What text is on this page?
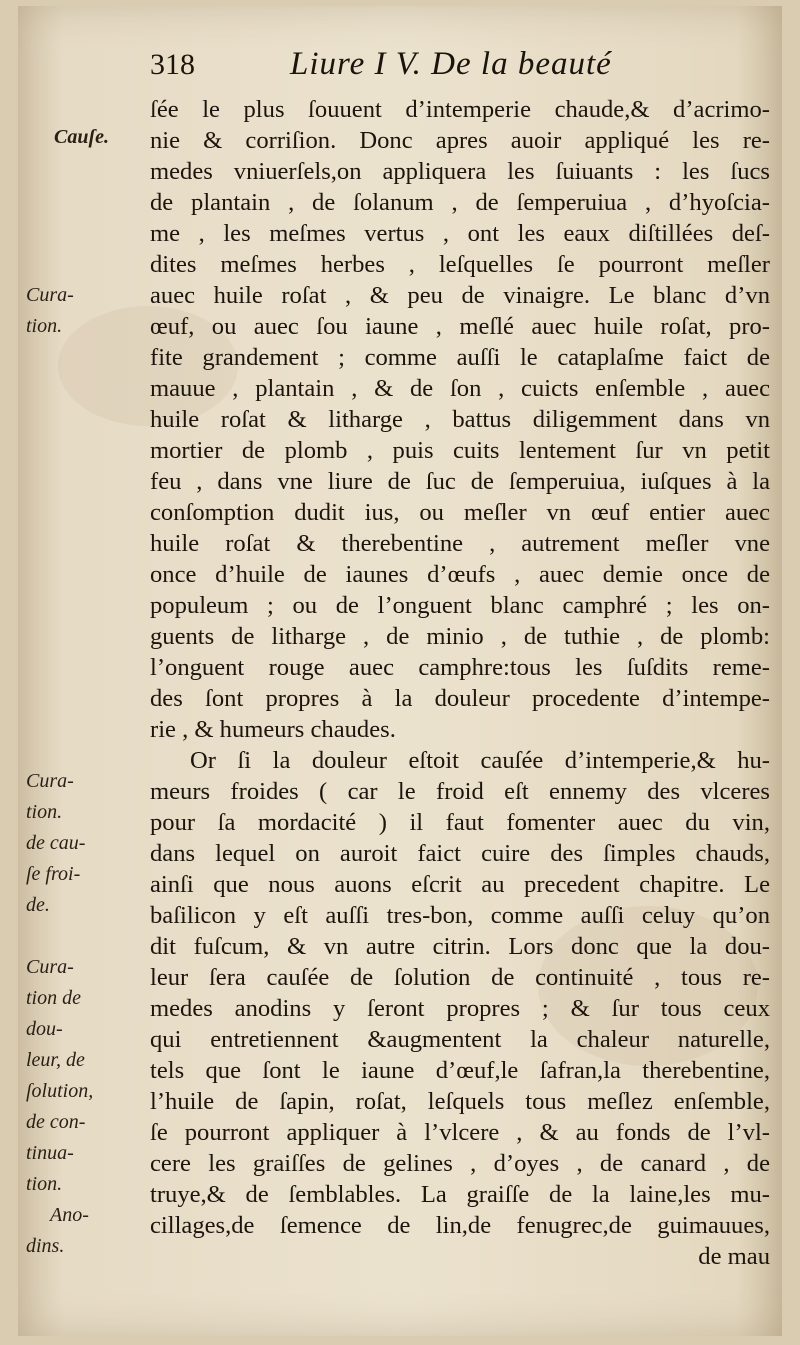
318	Liure I V. De la beauté
Cauſe.
Cura-
tion.
Cura-
tion.
de cau-
ſe froi-
de.
Cura-
tion de
dou-
leur, de
ſolution,
de con-
tinua-
tion.
Ano-
dins.
ſée le plus ſouuent d’intemperie chaude,& d’acrimo-
nie & corriſion. Donc apres auoir appliqué les re-
medes vniuerſels,on appliquera les ſuiuants : les ſucs
de plantain , de ſolanum , de ſemperuiua , d’hyoſcia-
me , les meſmes vertus , ont les eaux diſtillées deſ-
dites meſmes herbes , leſquelles ſe pourront meſler
auec huile roſat , & peu de vinaigre. Le blanc d’vn
œuf, ou auec ſou iaune , meſlé auec huile roſat, pro-
fite grandement ; comme auſſi le cataplaſme faict de
mauue , plantain , & de ſon , cuicts enſemble , auec
huile roſat & litharge , battus diligemment dans vn
mortier de plomb , puis cuits lentement ſur vn petit
feu , dans vne liure de ſuc de ſemperuiua, iuſques à la
conſomption dudit ius, ou meſler vn œuf entier auec
huile roſat & therebentine , autrement meſler vne
once d’huile de iaunes d’œufs , auec demie once de
populeum ; ou de l’onguent blanc camphré ; les on-
guents de litharge , de minio , de tuthie , de plomb:
l’onguent rouge auec camphre:tous les ſuſdits reme-
des ſont propres à la douleur procedente d’intempe-
rie , & humeurs chaudes.
Or ſi la douleur eſtoit cauſée d’intemperie,& hu-
meurs froides ( car le froid eſt ennemy des vlceres
pour ſa mordacité ) il faut fomenter auec du vin,
dans lequel on auroit faict cuire des ſimples chauds,
ainſi que nous auons eſcrit au precedent chapitre. Le
baſilicon y eſt auſſi tres-bon, comme auſſi celuy qu’on
dit fuſcum, & vn autre citrin. Lors donc que la dou-
leur ſera cauſée de ſolution de continuité , tous re-
medes anodins y ſeront propres ; & ſur tous ceux
qui entretiennent &augmentent la chaleur naturelle,
tels que ſont le iaune d’œuf,le ſafran,la therebentine,
l’huile de ſapin, roſat, leſquels tous meſlez enſemble,
ſe pourront appliquer à l’vlcere , & au fonds de l’vl-
cere les graiſſes de gelines , d’oyes , de canard , de
truye,& de ſemblables. La graiſſe de la laine,les mu-
cillages,de ſemence de lin,de fenugrec,de guimauues,
de mau
